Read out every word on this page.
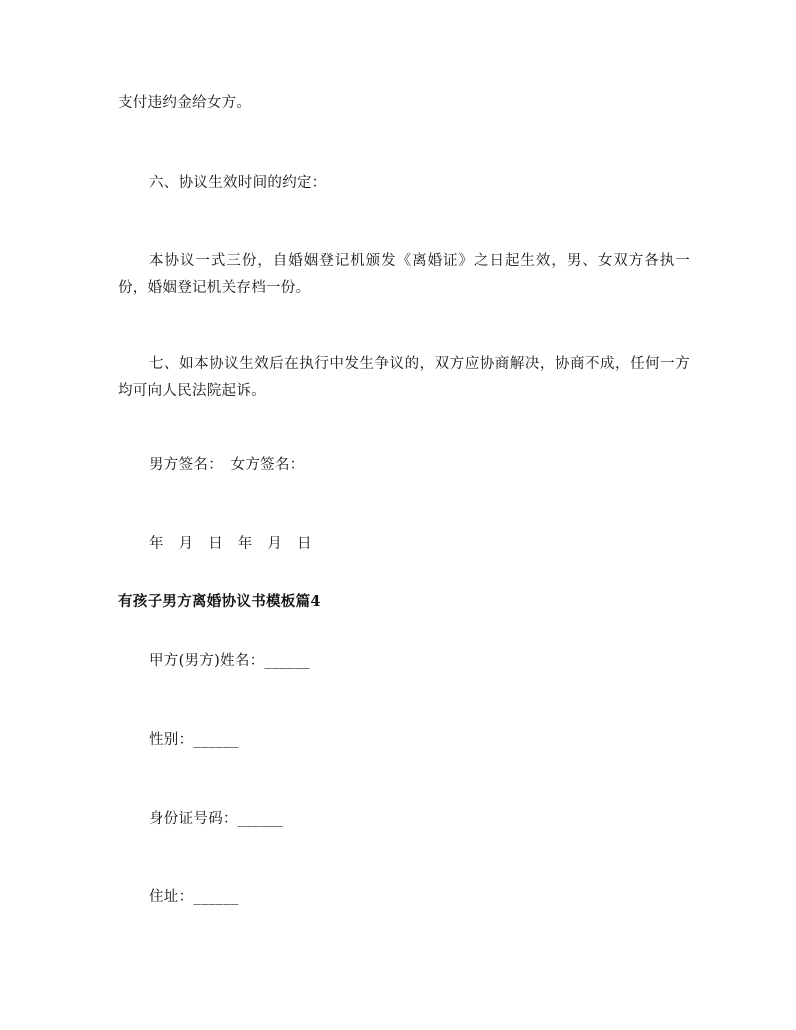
支付违约金给女方。
六、协议生效时间的约定：
本协议一式三份，自婚姻登记机颁发《离婚证》之日起生效，男、女双方各执一份，婚姻登记机关存档一份。
七、如本协议生效后在执行中发生争议的，双方应协商解决，协商不成，任何一方均可向人民法院起诉。
男方签名：　女方签名：
年　月　日　年　月　日
有孩子男方离婚协议书模板篇4
甲方(男方)姓名：______
性别：______
身份证号码：______
住址：______
